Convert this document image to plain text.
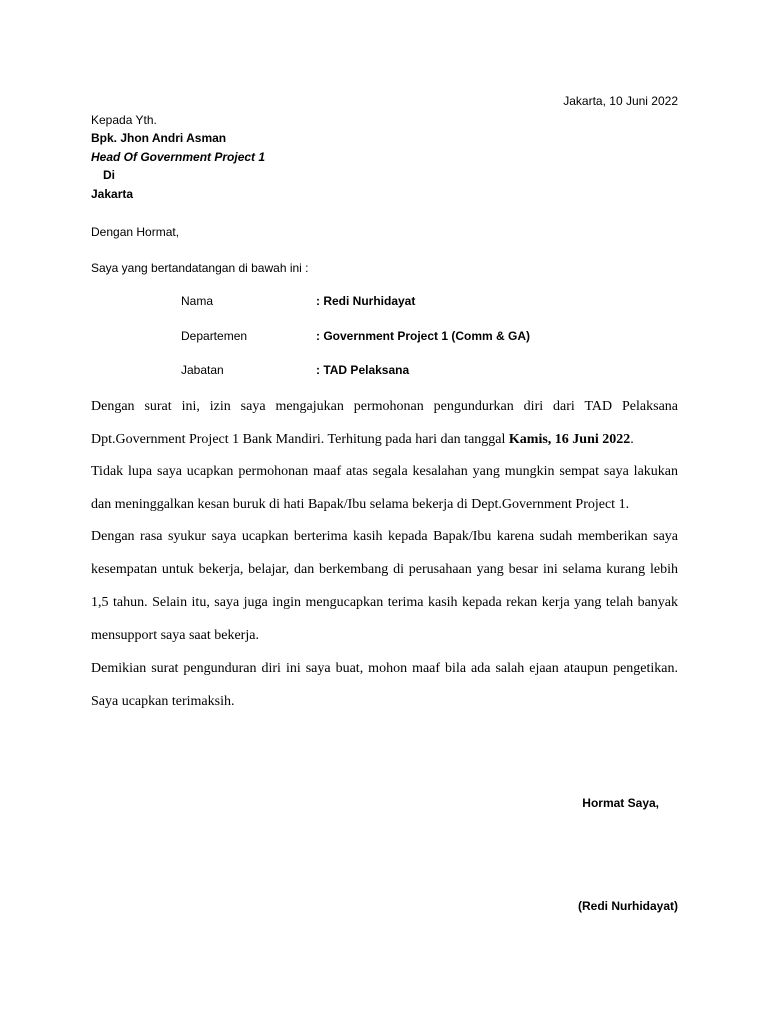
Jakarta, 10 Juni 2022
Kepada Yth.
Bpk. Jhon Andri Asman
Head Of Government Project 1
Di
Jakarta
Dengan Hormat,
Saya yang bertandatangan di bawah ini :
Nama	: Redi Nurhidayat
Departemen	: Government Project 1 (Comm & GA)
Jabatan	: TAD Pelaksana
Dengan surat ini, izin saya mengajukan permohonan pengundurkan diri dari TAD Pelaksana Dpt.Government Project 1 Bank Mandiri. Terhitung pada hari dan tanggal Kamis, 16 Juni 2022.
Tidak lupa saya ucapkan permohonan maaf atas segala kesalahan yang mungkin sempat saya lakukan dan meninggalkan kesan buruk di hati Bapak/Ibu selama bekerja di Dept.Government Project 1.
Dengan rasa syukur saya ucapkan berterima kasih kepada Bapak/Ibu karena sudah memberikan saya kesempatan untuk bekerja, belajar, dan berkembang di perusahaan yang besar ini selama kurang lebih 1,5 tahun. Selain itu, saya juga ingin mengucapkan terima kasih kepada rekan kerja yang telah banyak mensupport saya saat bekerja.
Demikian surat pengunduran diri ini saya buat, mohon maaf bila ada salah ejaan ataupun pengetikan. Saya ucapkan terimaksih.
Hormat Saya,
(Redi Nurhidayat)
